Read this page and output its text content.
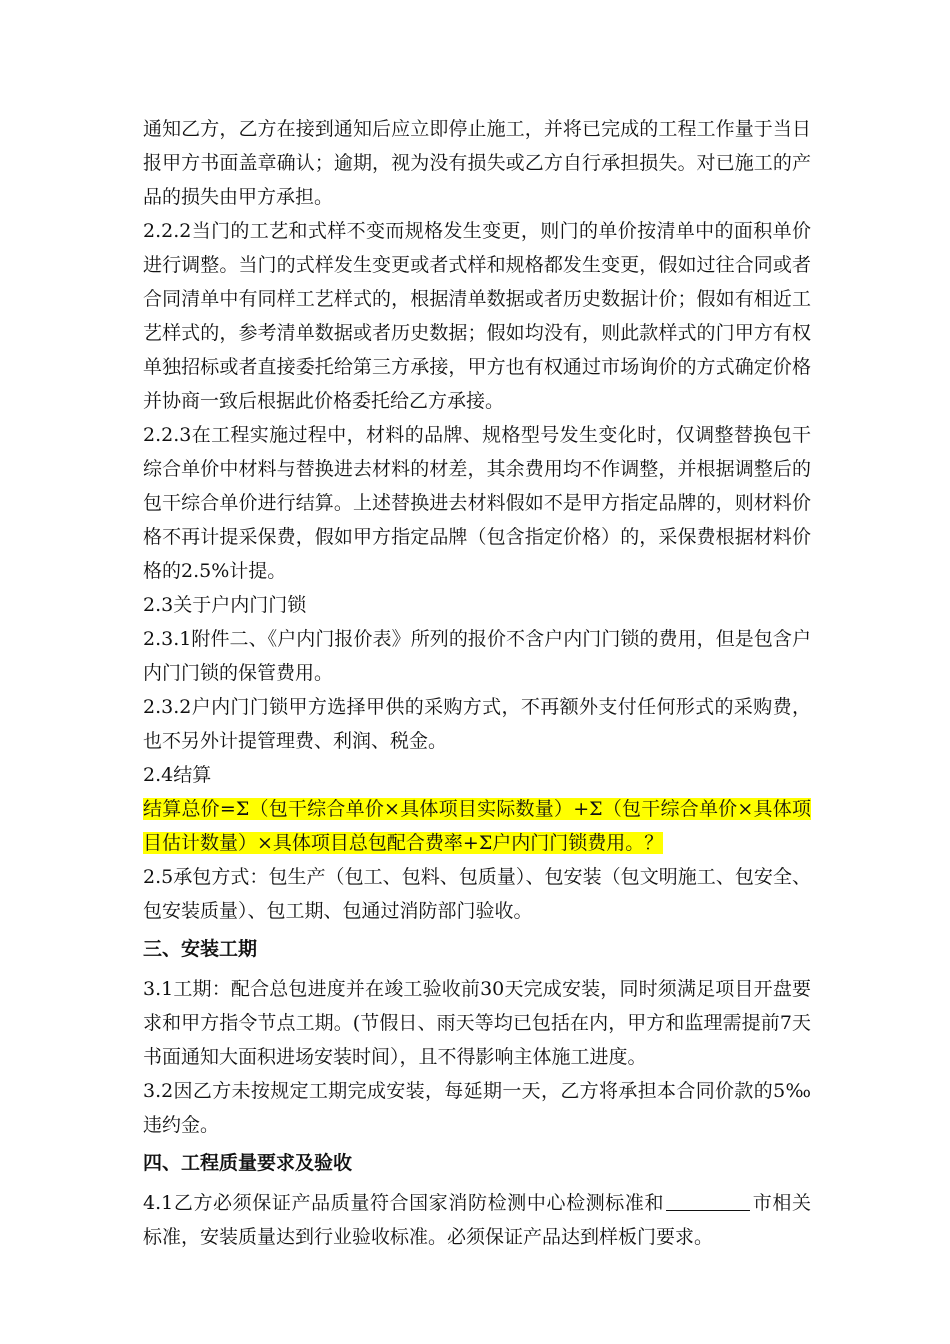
通知乙方，乙方在接到通知后应立即停止施工，并将已完成的工程工作量于当日报甲方书面盖章确认；逾期，视为没有损失或乙方自行承担损失。对已施工的产品的损失由甲方承担。

2.2.2当门的工艺和式样不变而规格发生变更，则门的单价按清单中的面积单价进行调整。当门的式样发生变更或者式样和规格都发生变更，假如过往合同或者合同清单中有同样工艺样式的，根据清单数据或者历史数据计价；假如有相近工艺样式的，参考清单数据或者历史数据；假如均没有，则此款样式的门甲方有权单独招标或者直接委托给第三方承接，甲方也有权通过市场询价的方式确定价格并协商一致后根据此价格委托给乙方承接。

2.2.3在工程实施过程中，材料的品牌、规格型号发生变化时，仅调整替换包干综合单价中材料与替换进去材料的材差，其余费用均不作调整，并根据调整后的包干综合单价进行结算。上述替换进去材料假如不是甲方指定品牌的，则材料价格不再计提采保费，假如甲方指定品牌（包含指定价格）的，采保费根据材料价格的2.5%计提。

2.3关于户内门门锁

2.3.1附件二、《户内门报价表》所列的报价不含户内门门锁的费用，但是包含户内门门锁的保管费用。

2.3.2户内门门锁甲方选择甲供的采购方式，不再额外支付任何形式的采购费，也不另外计提管理费、利润、税金。

2.4结算

结算总价=Σ（包干综合单价×具体项目实际数量）+Σ（包干综合单价×具体项目估计数量）×具体项目总包配合费率+Σ户内门门锁费用。？

2.5承包方式：包生产（包工、包料、包质量）、包安装（包文明施工、包安全、包安装质量）、包工期、包通过消防部门验收。

三、安装工期

3.1工期：配合总包进度并在竣工验收前30天完成安装，同时须满足项目开盘要求和甲方指令节点工期。(节假日、雨天等均已包括在内，甲方和监理需提前7天书面通知大面积进场安装时间），且不得影响主体施工进度。

3.2因乙方未按规定工期完成安装，每延期一天，乙方将承担本合同价款的5‰违约金。

四、工程质量要求及验收

4.1乙方必须保证产品质量符合国家消防检测中心检测标准和	市相关标准，安装质量达到行业验收标准。必须保证产品达到样板门要求。
